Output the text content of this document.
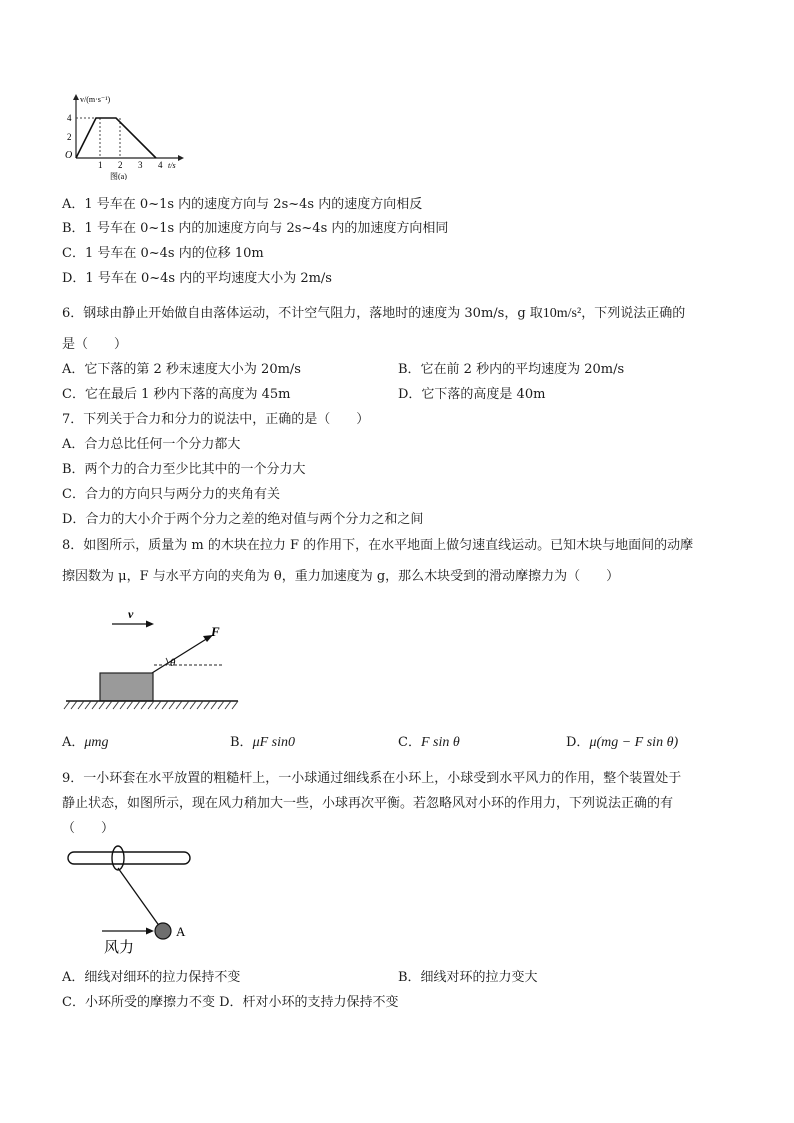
v/(m·s⁻¹)
4
2
O
1 2 3 4 t/s
图(a)
A．1 号车在 0~1s 内的速度方向与 2s~4s 内的速度方向相反
B．1 号车在 0~1s 内的加速度方向与 2s~4s 内的加速度方向相同
C．1 号车在 0~4s 内的位移 10m
D．1 号车在 0~4s 内的平均速度大小为 2m/s
6．钢球由静止开始做自由落体运动，不计空气阻力，落地时的速度为 30m/s，g 取10m/s²，下列说法正确的
是（　　）
A．它下落的第 2 秒末速度大小为 20m/s	B．它在前 2 秒内的平均速度为 20m/s
C．它在最后 1 秒内下落的高度为 45m	D．它下落的高度是 40m
7．下列关于合力和分力的说法中，正确的是（　　）
A．合力总比任何一个分力都大
B．两个力的合力至少比其中的一个分力大
C．合力的方向只与两分力的夹角有关
D．合力的大小介于两个分力之差的绝对值与两个分力之和之间
8．如图所示，质量为 m 的木块在拉力 F 的作用下，在水平地面上做匀速直线运动。已知木块与地面间的动摩
擦因数为 μ，F 与水平方向的夹角为 θ，重力加速度为 g，那么木块受到的滑动摩擦力为（　　）
v
F
θ
A．μmg	B．μF sin0	C．F sin θ	D．μ(mg − F sin θ)
9．一小环套在水平放置的粗糙杆上，一小球通过细线系在小环上，小球受到水平风力的作用，整个装置处于
静止状态，如图所示，现在风力稍加大一些，小球再次平衡。若忽略风对小环的作用力，下列说法正确的有
（　　）
A
风力
A．细线对细环的拉力保持不变	B．细线对环的拉力变大
C．小环所受的摩擦力不变 D．杆对小环的支持力保持不变
